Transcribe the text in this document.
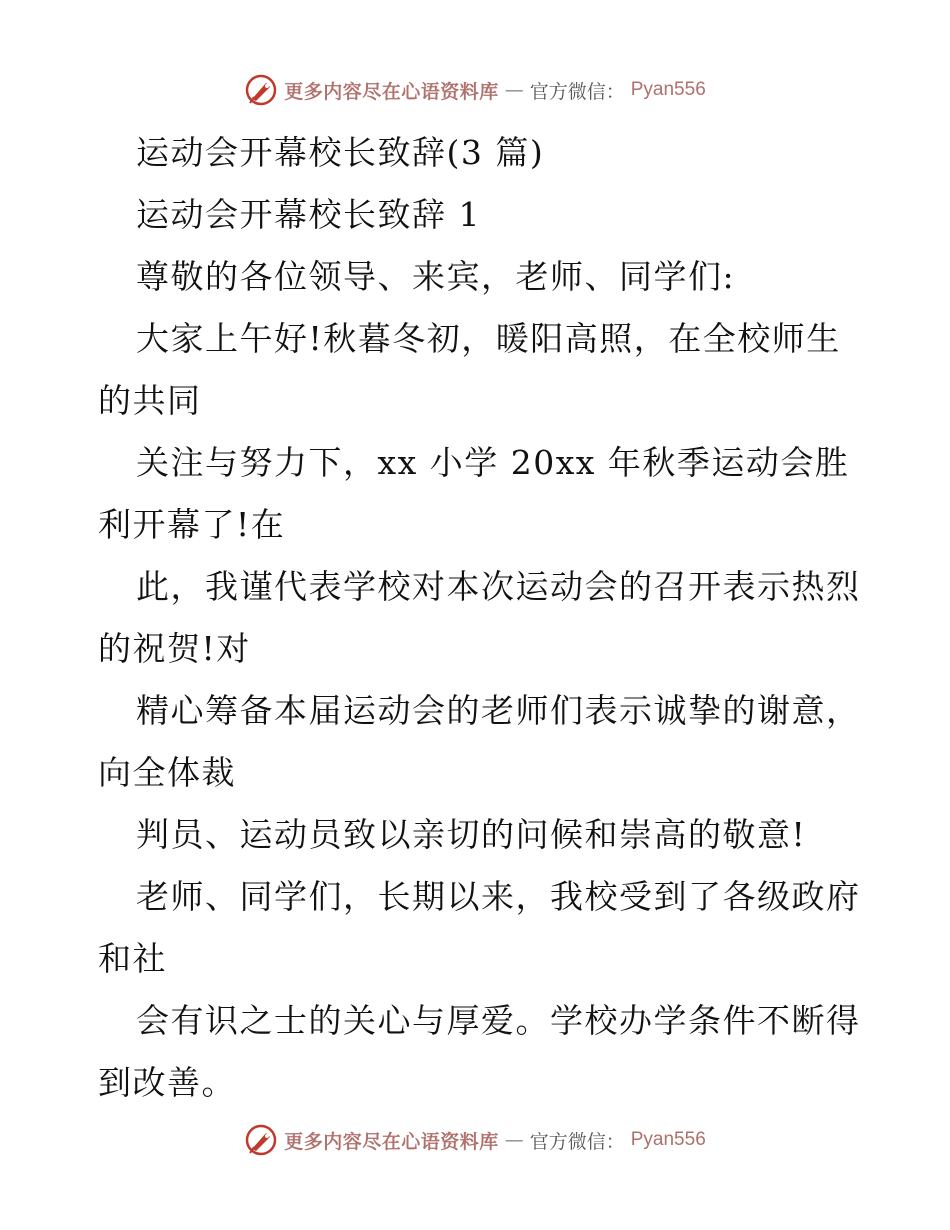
更多内容尽在心语资料库 — 官方微信： Pyan556
运动会开幕校长致辞(3 篇)
运动会开幕校长致辞 1
尊敬的各位领导、来宾，老师、同学们:
大家上午好!秋暮冬初，暖阳高照，在全校师生
的共同
关注与努力下，xx 小学 20xx 年秋季运动会胜
利开幕了!在
此，我谨代表学校对本次运动会的召开表示热烈
的祝贺!对
精心筹备本届运动会的老师们表示诚挚的谢意，
向全体裁
判员、运动员致以亲切的问候和崇高的敬意!
老师、同学们，长期以来，我校受到了各级政府
和社
会有识之士的关心与厚爱。学校办学条件不断得
到改善。
更多内容尽在心语资料库 — 官方微信： Pyan556
